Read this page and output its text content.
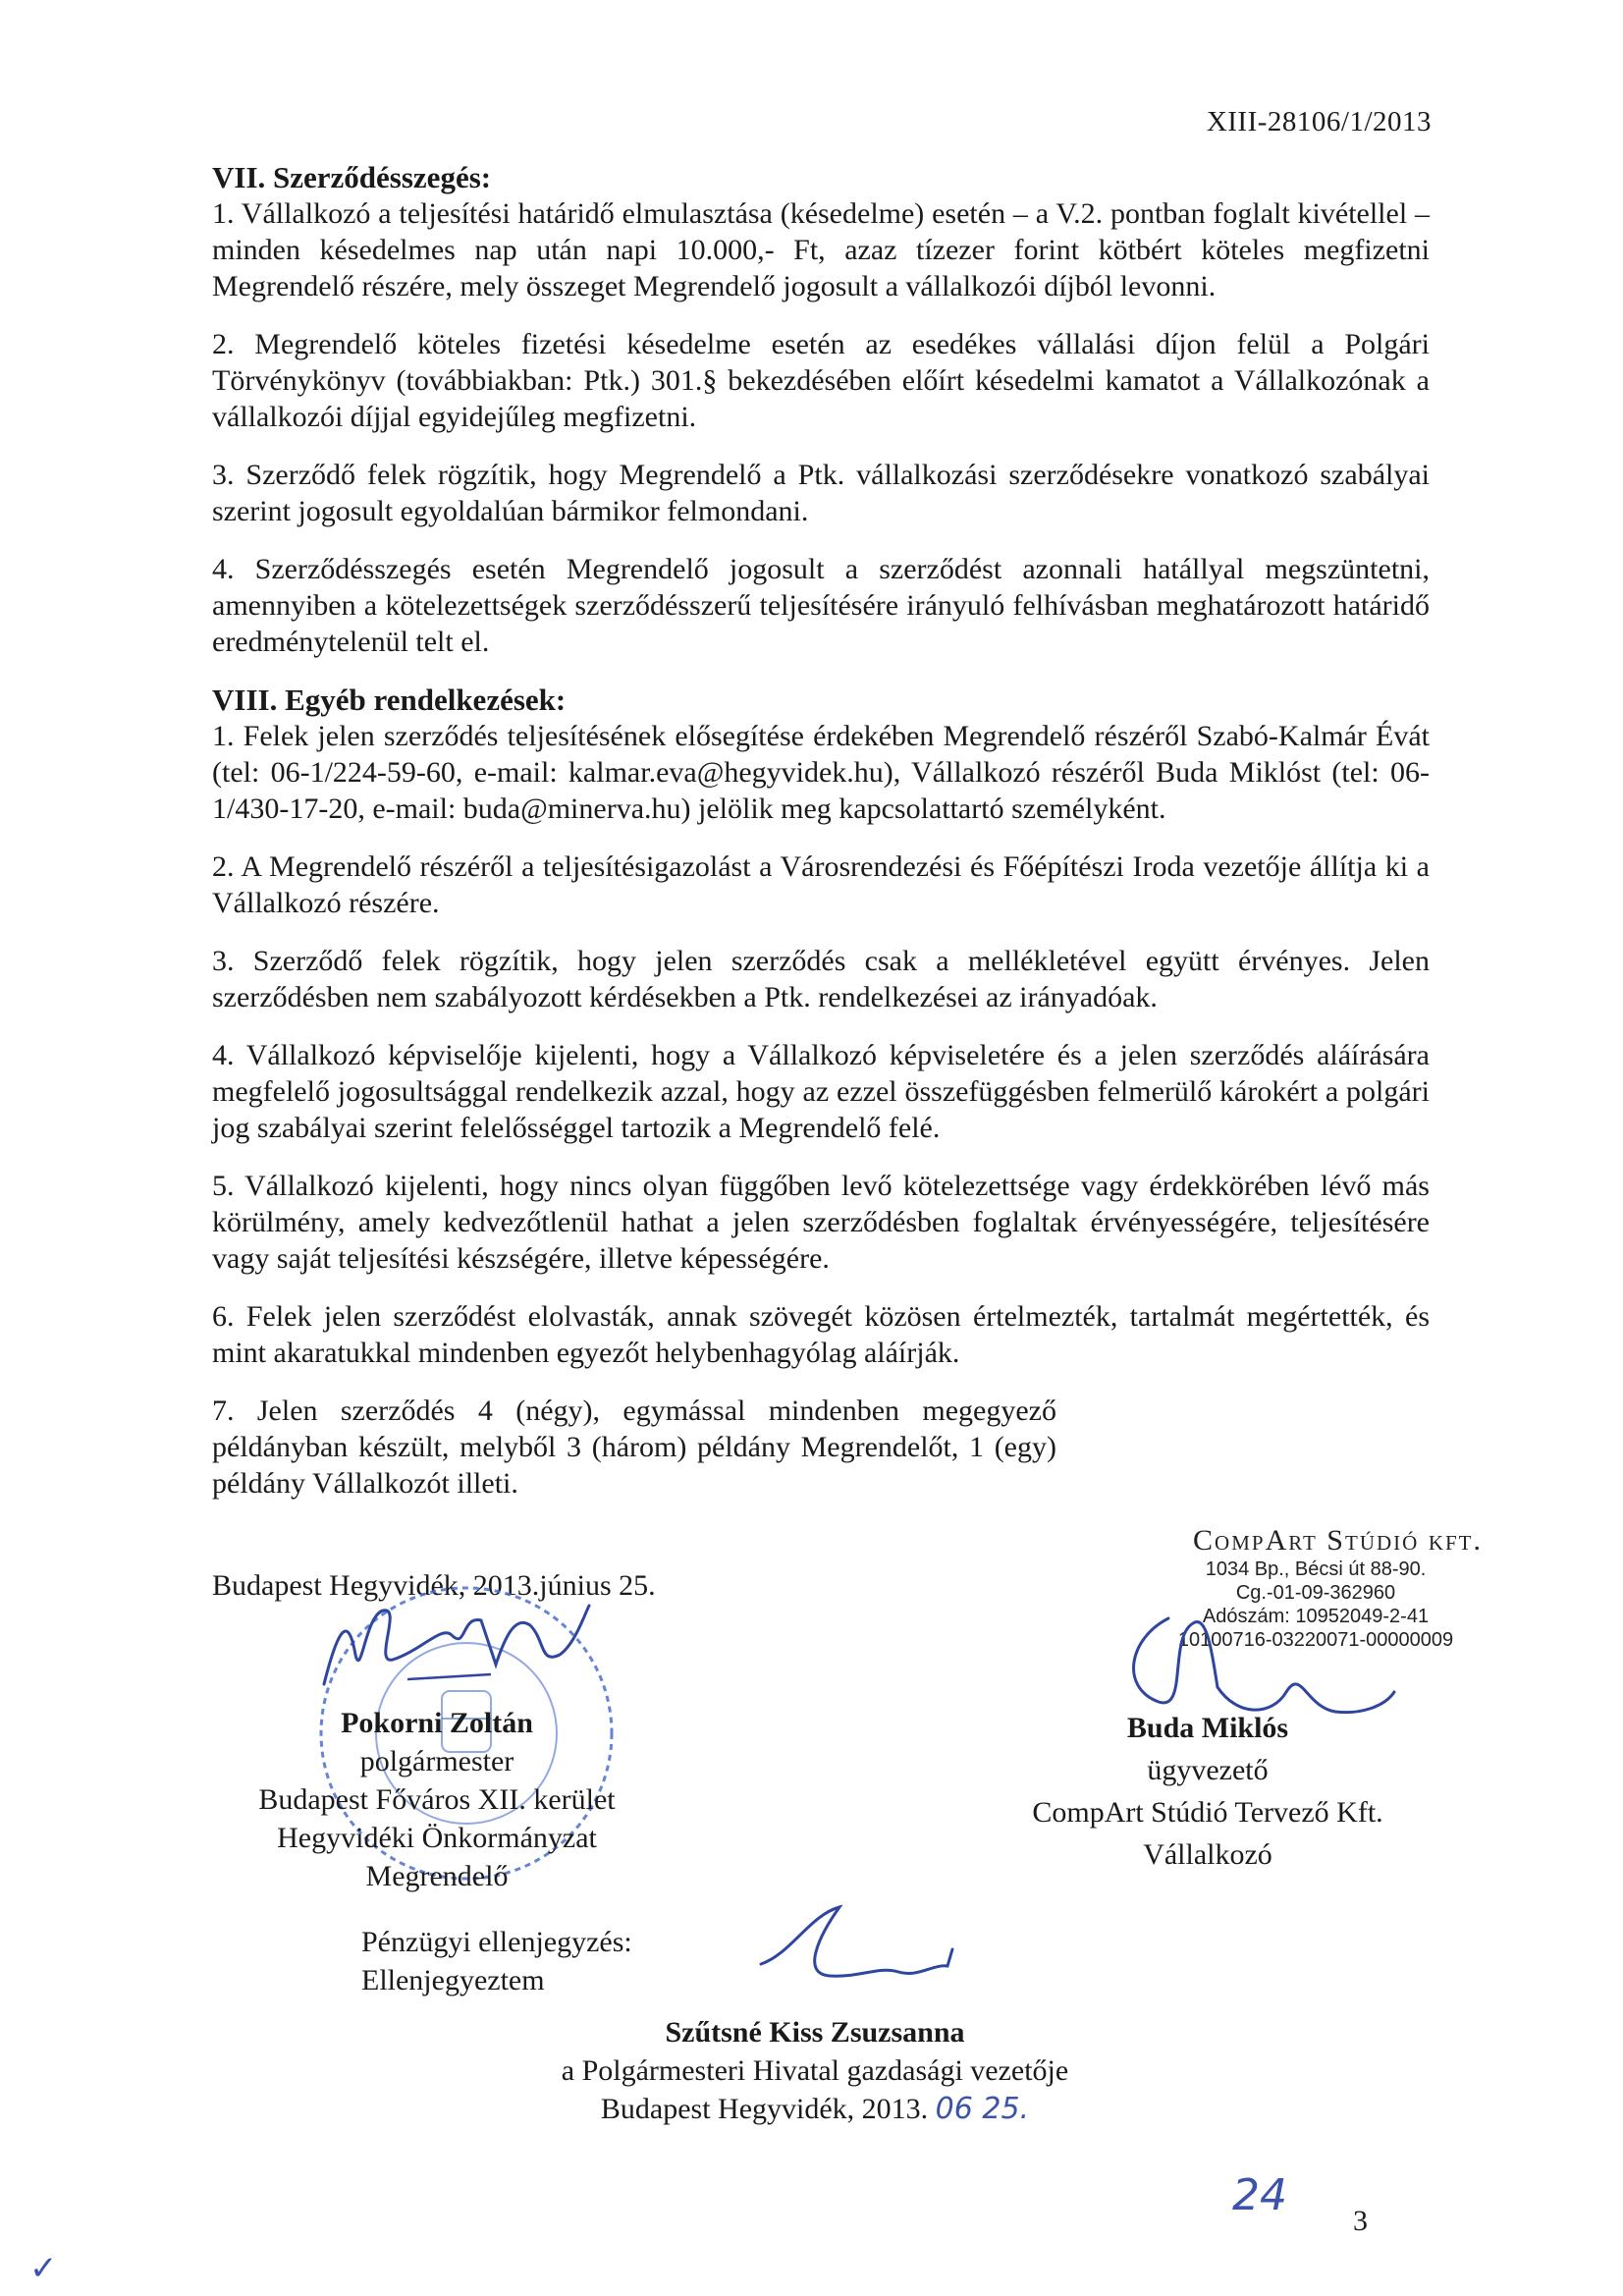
XIII-28106/1/2013

VII. Szerződésszegés:

1. Vállalkozó a teljesítési határidő elmulasztása (késedelme) esetén – a V.2. pontban foglalt kivétellel – minden késedelmes nap után napi 10.000,- Ft, azaz tízezer forint kötbért köteles megfizetni Megrendelő részére, mely összeget Megrendelő jogosult a vállalkozói díjból levonni.

2. Megrendelő köteles fizetési késedelme esetén az esedékes vállalási díjon felül a Polgári Törvénykönyv (továbbiakban: Ptk.) 301.§ bekezdésében előírt késedelmi kamatot a Vállalkozónak a vállalkozói díjjal egyidejűleg megfizetni.

3. Szerződő felek rögzítik, hogy Megrendelő a Ptk. vállalkozási szerződésekre vonatkozó szabályai szerint jogosult egyoldalúan bármikor felmondani.

4. Szerződésszegés esetén Megrendelő jogosult a szerződést azonnali hatállyal megszüntetni, amennyiben a kötelezettségek szerződésszerű teljesítésére irányuló felhívásban meghatározott határidő eredménytelenül telt el.

VIII. Egyéb rendelkezések:

1. Felek jelen szerződés teljesítésének elősegítése érdekében Megrendelő részéről Szabó-Kalmár Évát (tel: 06-1/224-59-60, e-mail: kalmar.eva@hegyvidek.hu), Vállalkozó részéről Buda Miklóst (tel: 06-1/430-17-20, e-mail: buda@minerva.hu) jelölik meg kapcsolattartó személyként.

2. A Megrendelő részéről a teljesítésigazolást a Városrendezési és Főépítészi Iroda vezetője állítja ki a Vállalkozó részére.

3. Szerződő felek rögzítik, hogy jelen szerződés csak a mellékletével együtt érvényes. Jelen szerződésben nem szabályozott kérdésekben a Ptk. rendelkezései az irányadóak.

4. Vállalkozó képviselője kijelenti, hogy a Vállalkozó képviseletére és a jelen szerződés aláírására megfelelő jogosultsággal rendelkezik azzal, hogy az ezzel összefüggésben felmerülő károkért a polgári jog szabályai szerint felelősséggel tartozik a Megrendelő felé.

5. Vállalkozó kijelenti, hogy nincs olyan függőben levő kötelezettsége vagy érdekkörében lévő más körülmény, amely kedvezőtlenül hathat a jelen szerződésben foglaltak érvényességére, teljesítésére vagy saját teljesítési készségére, illetve képességére.

6. Felek jelen szerződést elolvasták, annak szövegét közösen értelmezték, tartalmát megértették, és mint akaratukkal mindenben egyezőt helybenhagyólag aláírják.

7. Jelen szerződés 4 (négy), egymással mindenben megegyező példányban készült, melyből 3 (három) példány Megrendelőt, 1 (egy) példány Vállalkozót illeti.

Budapest Hegyvidék, 2013.június 25.
CompArt Stúdió kft.
1034 Bp., Bécsi út 88-90.
Cg.-01-09-362960
Adószám: 10952049-2-41
10100716-03220071-00000009
Pokorni Zoltán
polgármester
Budapest Főváros XII. kerület
Hegyvidéki Önkormányzat
Megrendelő
Buda Miklós
ügyvezető
CompArt Stúdió Tervező Kft.
Vállalkozó
Pénzügyi ellenjegyzés:
Ellenjegyeztem
Szűtsné Kiss Zsuzsanna
a Polgármesteri Hivatal gazdasági vezetője
Budapest Hegyvidék, 2013. 06 25.
24
3
✓
